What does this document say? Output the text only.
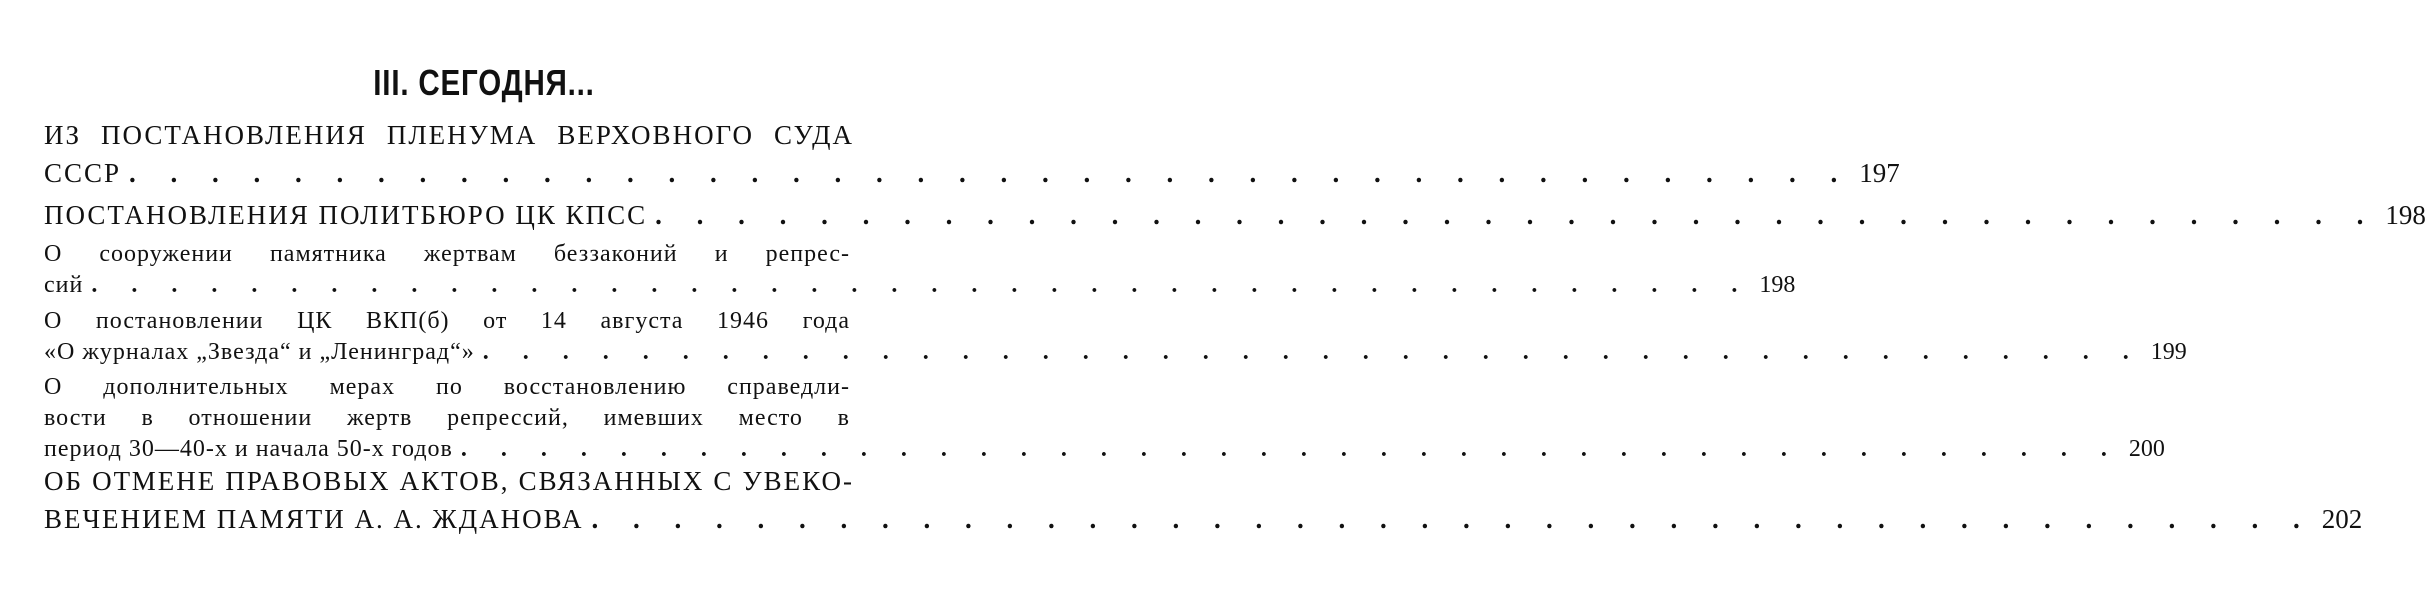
III. СЕГОДНЯ...
ИЗ ПОСТАНОВЛЕНИЯ ПЛЕНУМА ВЕРХОВНОГО СУДА
СССР . . . . . . . . . . . . . . . . . . . . . . . . . . . . . . . . . . . . . . . . . . 197
ПОСТАНОВЛЕНИЯ ПОЛИТБЮРО ЦК КПСС . . . . . . . . . . . . . . . . . . . . . . . . . . . . . . . . . . . . . . . . . . 198
О сооружении памятника жертвам беззаконий и репрес-
сий . . . . . . . . . . . . . . . . . . . . . . . . . . . . . . . . . . . . . . . . . . 198
О постановлении ЦК ВКП(б) от 14 августа 1946 года
«О журналах „Звезда“ и „Ленинград“» . . . . . . . . . . . . . . . . . . . . . . . . . . . . . . . . . . . . . . . . . . 199
О дополнительных мерах по восстановлению справедли-
вости в отношении жертв репрессий, имевших место в
период 30—40-х и начала 50-х годов . . . . . . . . . . . . . . . . . . . . . . . . . . . . . . . . . . . . . . . . . . 200
ОБ ОТМЕНЕ ПРАВОВЫХ АКТОВ, СВЯЗАННЫХ С УВЕКО-
ВЕЧЕНИЕМ ПАМЯТИ А. А. ЖДАНОВА . . . . . . . . . . . . . . . . . . . . . . . . . . . . . . . . . . . . . . . . . . 202
